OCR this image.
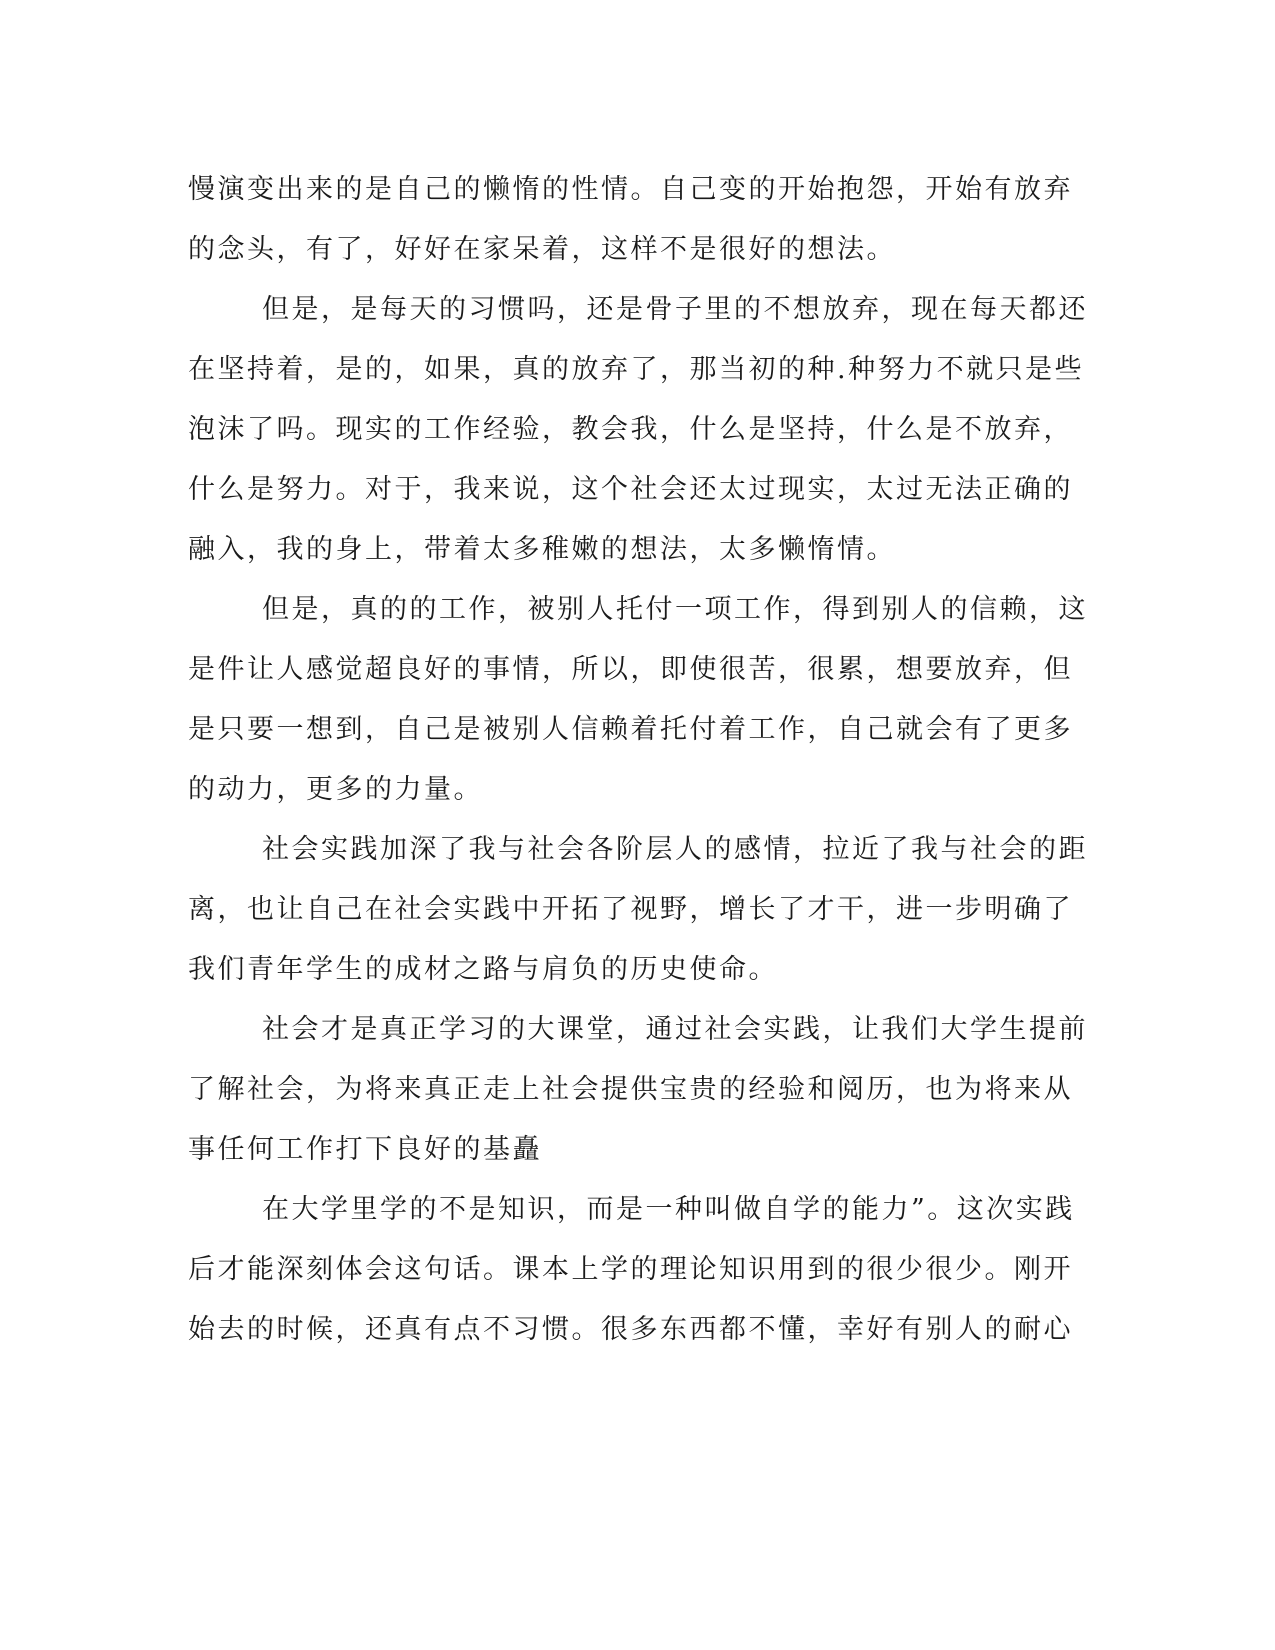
慢演变出来的是自己的懒惰的性情。自己变的开始抱怨，开始有放弃
的念头，有了，好好在家呆着，这样不是很好的想法。
但是，是每天的习惯吗，还是骨子里的不想放弃，现在每天都还
在坚持着，是的，如果，真的放弃了，那当初的种.种努力不就只是些
泡沫了吗。现实的工作经验，教会我，什么是坚持，什么是不放弃，
什么是努力。对于，我来说，这个社会还太过现实，太过无法正确的
融入，我的身上，带着太多稚嫩的想法，太多懒惰情。
但是，真的的工作，被别人托付一项工作，得到别人的信赖，这
是件让人感觉超良好的事情，所以，即使很苦，很累，想要放弃，但
是只要一想到，自己是被别人信赖着托付着工作，自己就会有了更多
的动力，更多的力量。
社会实践加深了我与社会各阶层人的感情，拉近了我与社会的距
离，也让自己在社会实践中开拓了视野，增长了才干，进一步明确了
我们青年学生的成材之路与肩负的历史使命。
社会才是真正学习的大课堂，通过社会实践，让我们大学生提前
了解社会，为将来真正走上社会提供宝贵的经验和阅历，也为将来从
事任何工作打下良好的基矗
在大学里学的不是知识，而是一种叫做自学的能力”。这次实践
后才能深刻体会这句话。课本上学的理论知识用到的很少很少。刚开
始去的时候，还真有点不习惯。很多东西都不懂，幸好有别人的耐心
